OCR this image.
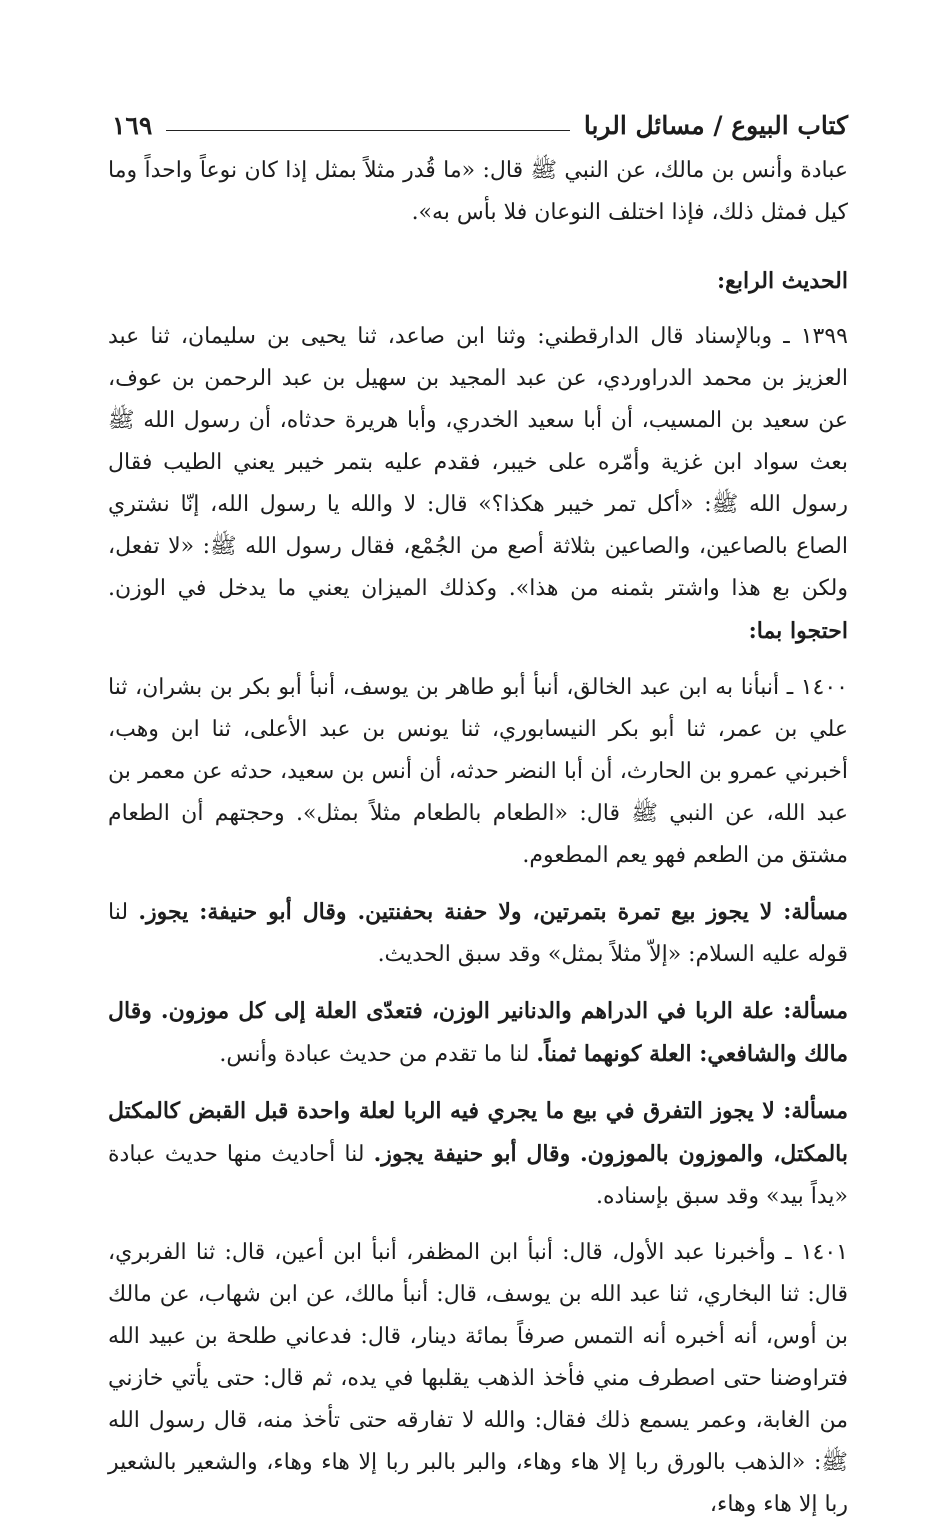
كتاب البيوع / مسائل الربا
١٦٩

عبادة وأنس بن مالك، عن النبي ﷺ قال: «ما قُدر مثلاً بمثل إذا كان نوعاً واحداً وما كيل فمثل ذلك، فإذا اختلف النوعان فلا بأس به».

الحديث الرابع:

١٣٩٩ ـ وبالإسناد قال الدارقطني: وثنا ابن صاعد، ثنا يحيى بن سليمان، ثنا عبد العزيز بن محمد الدراوردي، عن عبد المجيد بن سهيل بن عبد الرحمن بن عوف، عن سعيد بن المسيب، أن أبا سعيد الخدري، وأبا هريرة حدثاه، أن رسول الله ﷺ بعث سواد ابن غزية وأمّره على خيبر، فقدم عليه بتمر خيبر يعني الطيب فقال رسول الله ﷺ: «أكل تمر خيبر هكذا؟» قال: لا والله يا رسول الله، إنّا نشتري الصاع بالصاعين، والصاعين بثلاثة أصع من الجُمْع، فقال رسول الله ﷺ: «لا تفعل، ولكن بع هذا واشتر بثمنه من هذا». وكذلك الميزان يعني ما يدخل في الوزن. احتجوا بما:

١٤٠٠ ـ أنبأنا به ابن عبد الخالق، أنبأ أبو طاهر بن يوسف، أنبأ أبو بكر بن بشران، ثنا علي بن عمر، ثنا أبو بكر النيسابوري، ثنا يونس بن عبد الأعلى، ثنا ابن وهب، أخبرني عمرو بن الحارث، أن أبا النضر حدثه، أن أنس بن سعيد، حدثه عن معمر بن عبد الله، عن النبي ﷺ قال: «الطعام بالطعام مثلاً بمثل». وحجتهم أن الطعام مشتق من الطعم فهو يعم المطعوم.

مسألة: لا يجوز بيع تمرة بتمرتين، ولا حفنة بحفنتين. وقال أبو حنيفة: يجوز. لنا قوله عليه السلام: «إلاّ مثلاً بمثل» وقد سبق الحديث.

مسألة: علة الربا في الدراهم والدنانير الوزن، فتعدّى العلة إلى كل موزون. وقال مالك والشافعي: العلة كونهما ثمناً. لنا ما تقدم من حديث عبادة وأنس.

مسألة: لا يجوز التفرق في بيع ما يجري فيه الربا لعلة واحدة قبل القبض كالمكتل بالمكتل، والموزون بالموزون. وقال أبو حنيفة يجوز. لنا أحاديث منها حديث عبادة «يداً بيد» وقد سبق بإسناده.

١٤٠١ ـ وأخبرنا عبد الأول، قال: أنبأ ابن المظفر، أنبأ ابن أعين، قال: ثنا الفربري، قال: ثنا البخاري، ثنا عبد الله بن يوسف، قال: أنبأ مالك، عن ابن شهاب، عن مالك بن أوس، أنه أخبره أنه التمس صرفاً بمائة دينار، قال: فدعاني طلحة بن عبيد الله فتراوضنا حتى اصطرف مني فأخذ الذهب يقلبها في يده، ثم قال: حتى يأتي خازني من الغابة، وعمر يسمع ذلك فقال: والله لا تفارقه حتى تأخذ منه، قال رسول الله ﷺ: «الذهب بالورق ربا إلا هاء وهاء، والبر بالبر ربا إلا هاء وهاء، والشعير بالشعير ربا إلا هاء وهاء،
